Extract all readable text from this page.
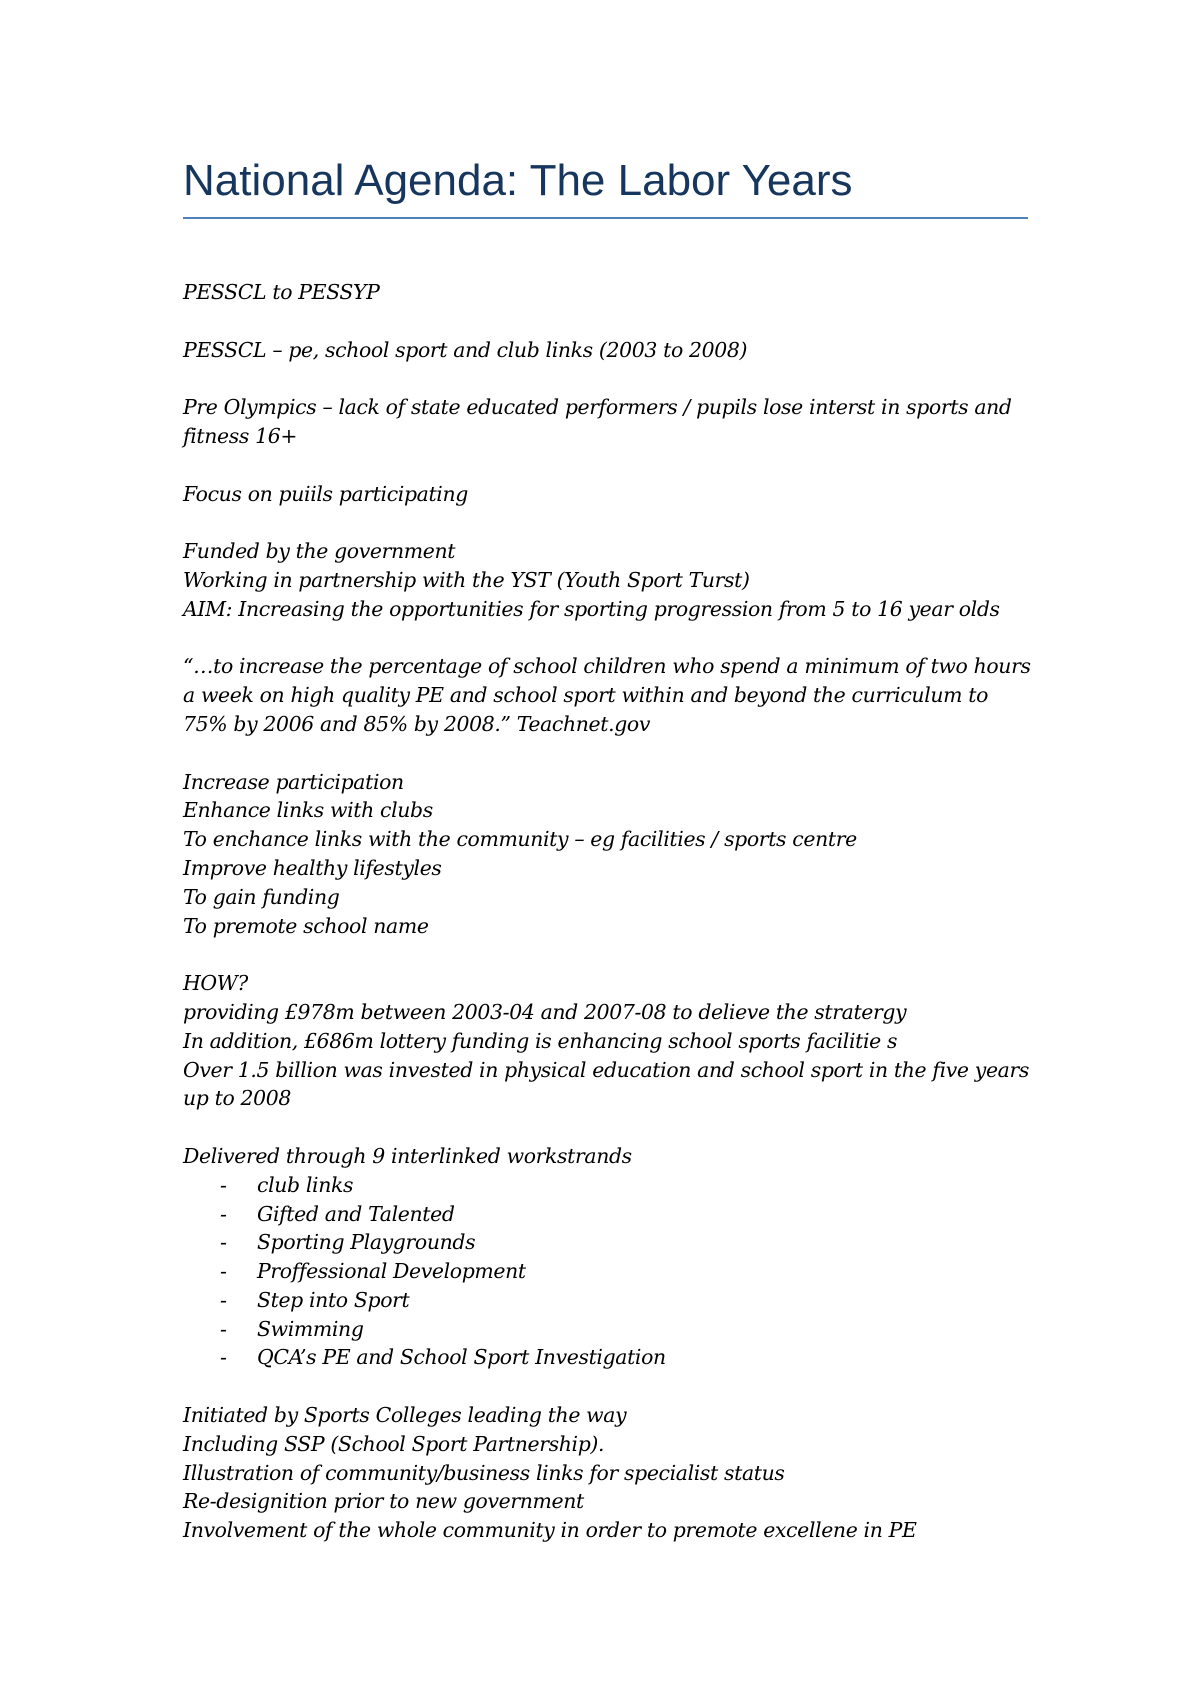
National Agenda: The Labor Years
PESSCL to PESSYP
PESSCL – pe, school sport and club links (2003 to 2008)
Pre Olympics – lack of state educated performers / pupils lose interst in sports and
fitness 16+
Focus on puiils participating
Funded by the government
Working in partnership with the YST (Youth Sport Turst)
AIM: Increasing the opportunities for sporting progression from 5 to 16 year olds
“…to increase the percentage of school children who spend a minimum of two hours
a week on high quality PE and school sport within and beyond the curriculum to
75% by 2006 and 85% by 2008.” Teachnet.gov
Increase participation
Enhance links with clubs
To enchance links with the community – eg facilities / sports centre
Improve healthy lifestyles
To gain funding
To premote school name
HOW?
providing £978m between 2003-04 and 2007-08 to delieve the stratergy
In addition, £686m lottery funding is enhancing school sports facilitie s
Over 1.5 billion was invested in physical education and school sport in the five years
up to 2008
Delivered through 9 interlinked workstrands
- club links
- Gifted and Talented
- Sporting Playgrounds
- Proffessional Development
- Step into Sport
- Swimming
- QCA’s PE and School Sport Investigation
Initiated by Sports Colleges leading the way
Including SSP (School Sport Partnership).
Illustration of community/business links for specialist status
Re-designition prior to new government
Involvement of the whole community in order to premote excellene in PE
